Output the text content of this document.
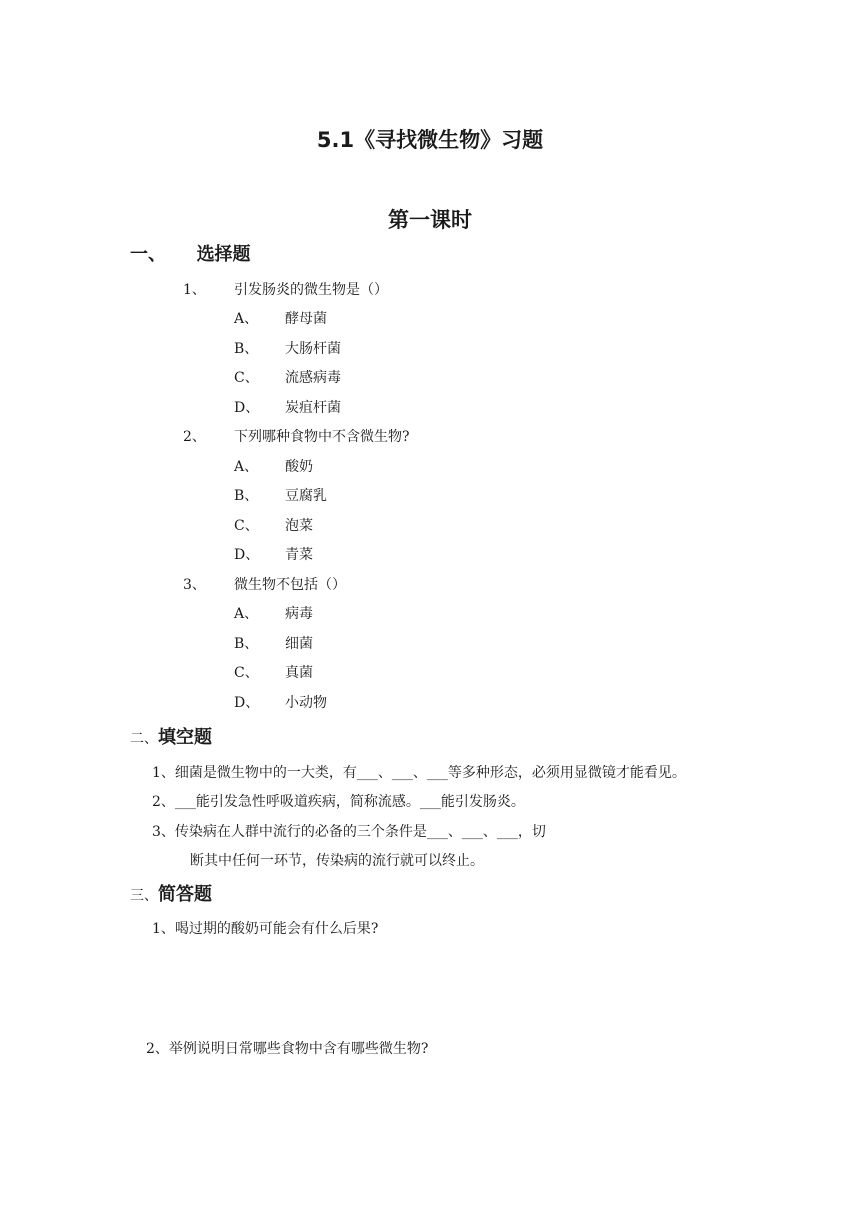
5.1《寻找微生物》习题
第一课时
一、 选择题
1、 引发肠炎的微生物是（）
A、 酵母菌
B、 大肠杆菌
C、 流感病毒
D、 炭疽杆菌
2、 下列哪种食物中不含微生物?
A、 酸奶
B、 豆腐乳
C、 泡菜
D、 青菜
3、 微生物不包括（）
A、 病毒
B、 细菌
C、 真菌
D、 小动物
二、填空题
1、细菌是微生物中的一大类，有___、___、___等多种形态，必须用显微镜才能看见。
2、___能引发急性呼吸道疾病，简称流感。___能引发肠炎。
3、传染病在人群中流行的必备的三个条件是___、___、___，切
断其中任何一环节，传染病的流行就可以终止。
三、简答题
1、喝过期的酸奶可能会有什么后果?
2、举例说明日常哪些食物中含有哪些微生物?
